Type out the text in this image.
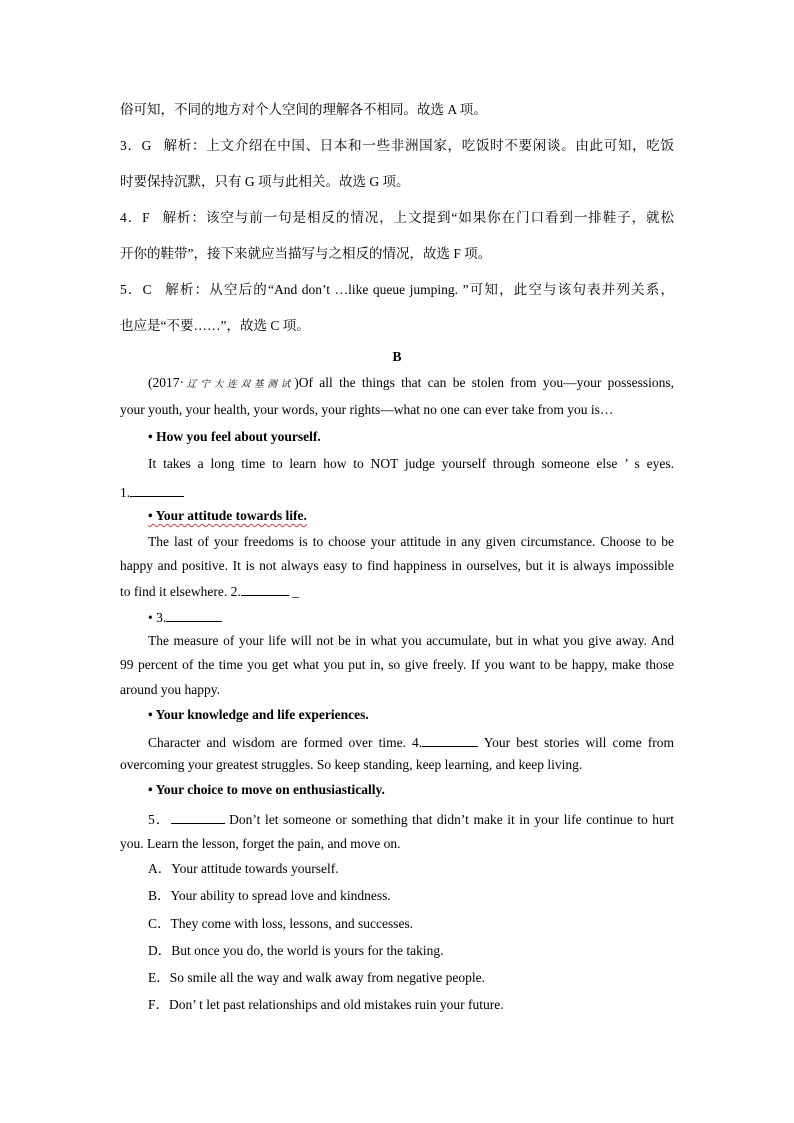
俗可知，不同的地方对个人空间的理解各不相同。故选 A 项。
3．G 解析：上文介绍在中国、日本和一些非洲国家，吃饭时不要闲谈。由此可知，吃饭
时要保持沉默，只有 G 项与此相关。故选 G 项。
4．F 解析：该空与前一句是相反的情况，上文提到“如果你在门口看到一排鞋子，就松
开你的鞋带”，接下来就应当描写与之相反的情况，故选 F 项。
5．C 解析：从空后的“And don’t …like queue jumping. ”可知，此空与该句表并列关系，
也应是“不要……”，故选 C 项。
B
(2017·辽宁大连双基测试)Of all the things that can be stolen from you—your possessions,
your youth, your health, your words, your rights—what no one can ever take from you is…
• How you feel about yourself.
It takes a long time to learn how to NOT judge yourself through someone else ’ s eyes.
1.
• Your attitude towards life.
The last of your freedoms is to choose your attitude in any given circumstance. Choose to be
happy and positive. It is not always easy to find happiness in ourselves, but it is always impossible
to find it elsewhere. 2.	_
• 3.
The measure of your life will not be in what you accumulate, but in what you give away. And
99 percent of the time you get what you put in, so give freely. If you want to be happy, make those
around you happy.
• Your knowledge and life experiences.
Character and wisdom are formed over time. 4.	Your best stories will come from
overcoming your greatest struggles. So keep standing, keep learning, and keep living.
• Your choice to move on enthusiastically.
5．	Don’t let someone or something that didn’t make it in your life continue to hurt
you. Learn the lesson, forget the pain, and move on.
A．Your attitude towards yourself.
B．Your ability to spread love and kindness.
C．They come with loss, lessons, and successes.
D．But once you do, the world is yours for the taking.
E．So smile all the way and walk away from negative people.
F．Don’ t let past relationships and old mistakes ruin your future.
